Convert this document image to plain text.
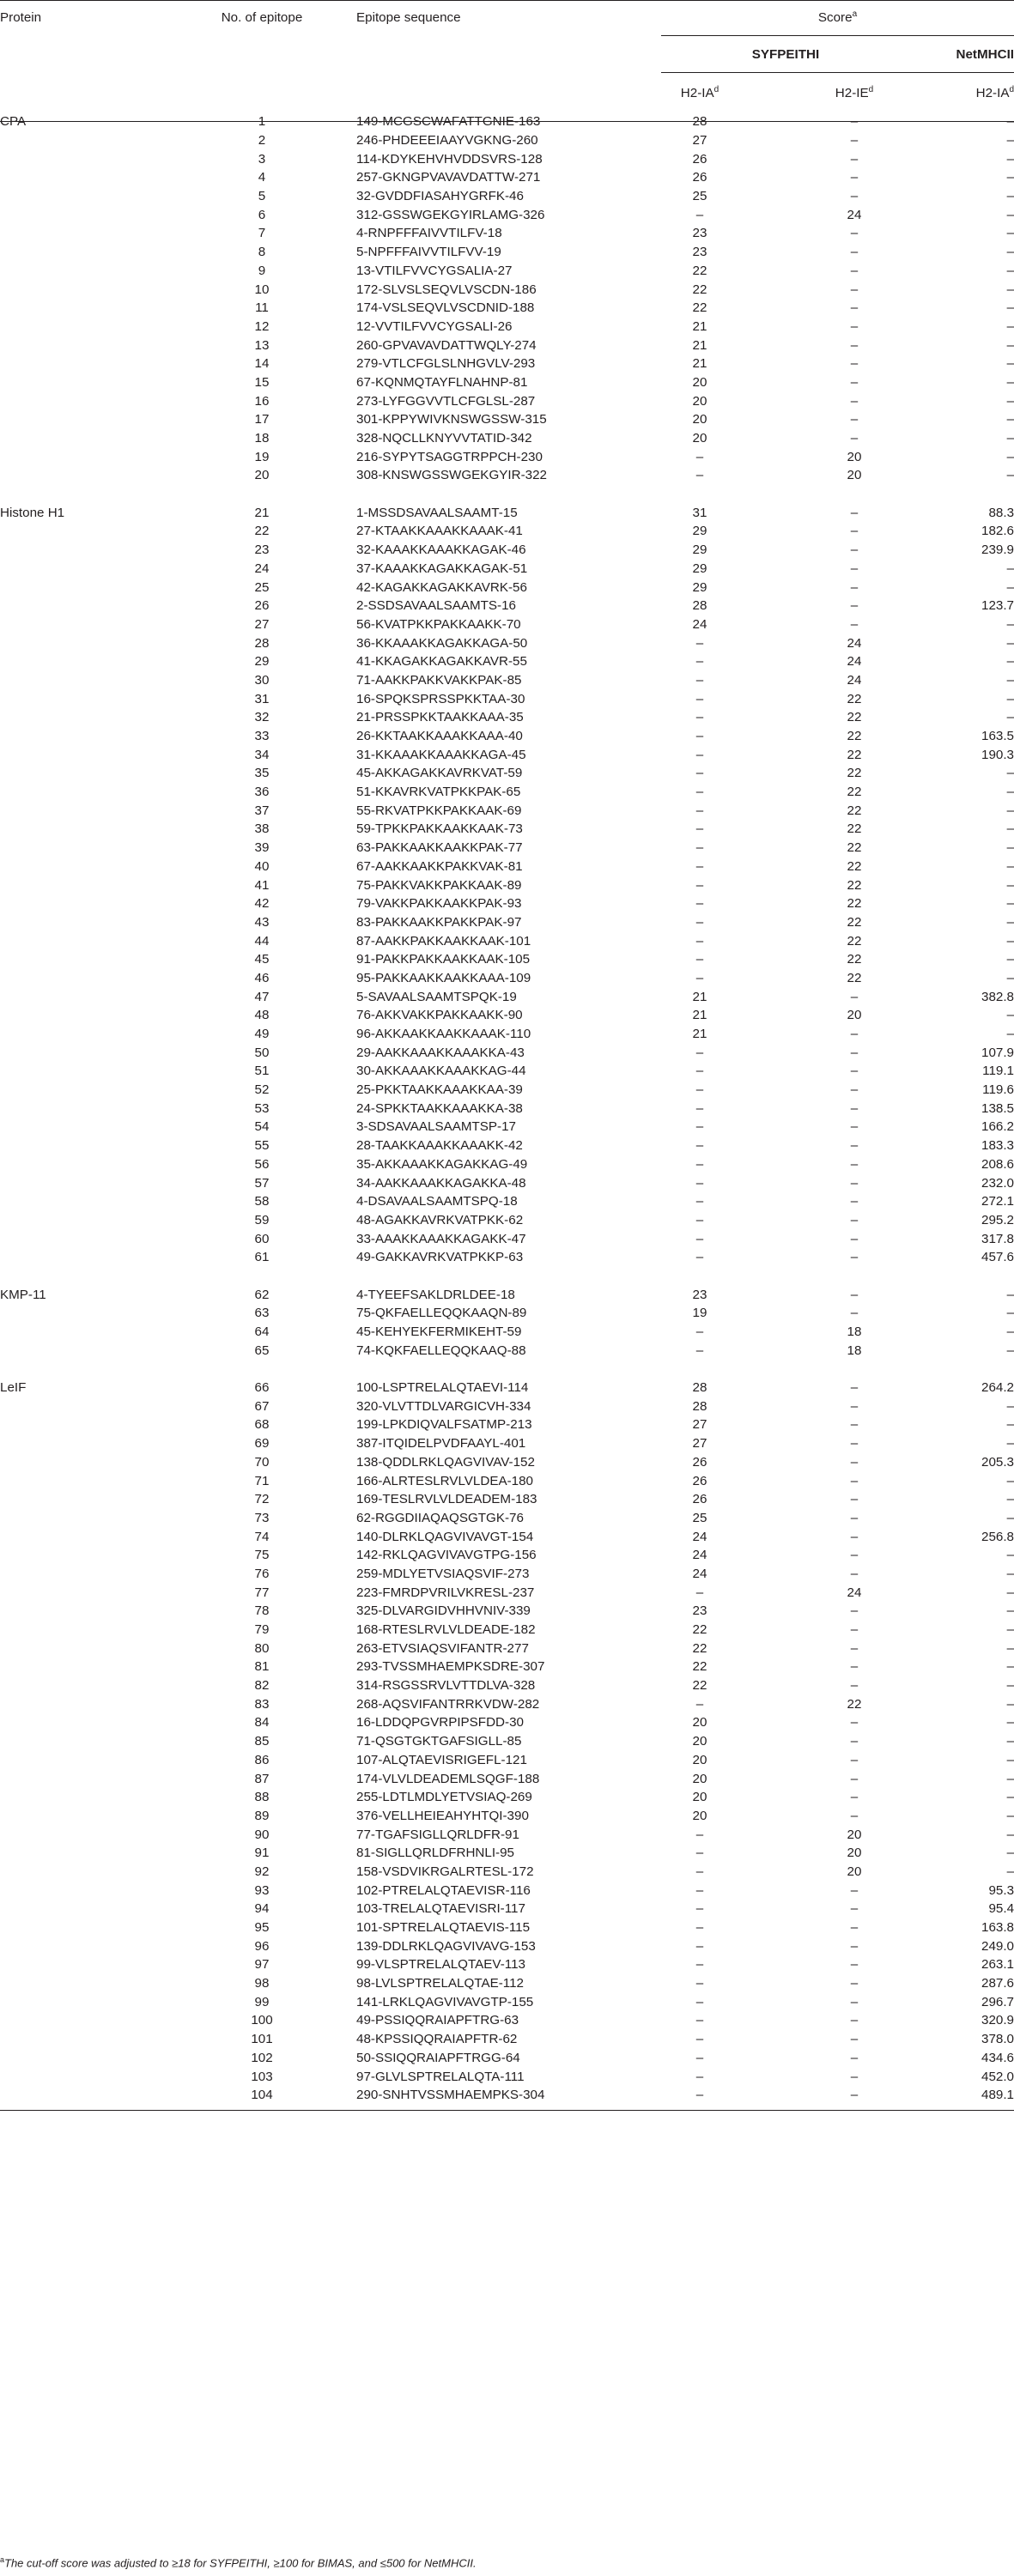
Protein	No. of epitope	Epitope sequence	Score$^a$
			SYFPEITHI		NetMHCII
			$H2-IA^d$	$H2-IE^d$	$H2-IA^d$
CPA	1	149-MCGSCWAFATTGNIE-163	28	–	–
	2	246-PHDEEEIAAYVGKNG-260	27	–	–
	3	114-KDYKEHVHVDDSVRS-128	26	–	–
	4	257-GKNGPVAVAVDATTW-271	26	–	–
	5	32-GVDDFIASAHYGRFK-46	25	–	–
	6	312-GSSWGEKGYIRLAMG-326	–	24	–
	7	4-RNPFFFAIVVTILFV-18	23	–	–
	8	5-NPFFFAIVVTILFVV-19	23	–	–
	9	13-VTILFVVCYGSALIA-27	22	–	–
	10	172-SLVSLSEQVLVSCDN-186	22	–	–
	11	174-VSLSEQVLVSCDNID-188	22	–	–
	12	12-VVTILFVVCYGSALI-26	21	–	–
	13	260-GPVAVAVDATTWQLY-274	21	–	–
	14	279-VTLCFGLSLNHGVLV-293	21	–	–
	15	67-KQNMQTAYFLNAHNP-81	20	–	–
	16	273-LYFGGVVTLCFGLSL-287	20	–	–
	17	301-KPPYWIVKNSWGSSW-315	20	–	–
	18	328-NQCLLKNYVVTATID-342	20	–	–
	19	216-SYPYTSAGGTRPPCH-230	–	20	–
	20	308-KNSWGSSWGEKGYIR-322	–	20	–

Histone H1	21	1-MSSDSAVAALSAAMT-15	31	–	88.3
	22	27-KTAAKKAAAKKAAAK-41	29	–	182.6
	23	32-KAAAKKAAAKKAGAK-46	29	–	239.9
	24	37-KAAAKKAGAKKAGAK-51	29	–	–
	25	42-KAGAKKAGAKKAVRK-56	29	–	–
	26	2-SSDSAVAALSAAMTS-16	28	–	123.7
	27	56-KVATPKKPAKKAAKK-70	24	–	–
	28	36-KKAAAKKAGAKKAGA-50	–	24	–
	29	41-KKAGAKKAGAKKAVR-55	–	24	–
	30	71-AAKKPAKKVAKKPAK-85	–	24	–
	31	16-SPQKSPRSSPKKTAA-30	–	22	–
	32	21-PRSSPKKTAAKKAAA-35	–	22	–
	33	26-KKTAAKKAAAKKAAA-40	–	22	163.5
	34	31-KKAAAKKAAAKKAGA-45	–	22	190.3
	35	45-AKKAGAKKAVRKVAT-59	–	22	–
	36	51-KKAVRKVATPKKPAK-65	–	22	–
	37	55-RKVATPKKPAKKAAK-69	–	22	–
	38	59-TPKKPAKKAAKKAAK-73	–	22	–
	39	63-PAKKAAKKAAKKPAK-77	–	22	–
	40	67-AAKKAAKKPAKKVAK-81	–	22	–
	41	75-PAKKVAKKPAKKAAK-89	–	22	–
	42	79-VAKKPAKKAAKKPAK-93	–	22	–
	43	83-PAKKAAKKPAKKPAK-97	–	22	–
	44	87-AAKKPAKKAAKKAAK-101	–	22	–
	45	91-PAKKPAKKAAKKAAK-105	–	22	–
	46	95-PAKKAAKKAAKKAAA-109	–	22	–
	47	5-SAVAALSAAMTSPQK-19	21	–	382.8
	48	76-AKKVAKKPAKKAAKK-90	21	20	–
	49	96-AKKAAKKAAKKAAAK-110	21	–	–
	50	29-AAKKAAAKKAAAKKA-43	–	–	107.9
	51	30-AKKAAAKKAAAKKAG-44	–	–	119.1
	52	25-PKKTAAKKAAAKKAA-39	–	–	119.6
	53	24-SPKKTAAKKAAAKKA-38	–	–	138.5
	54	3-SDSAVAALSAAMTSP-17	–	–	166.2
	55	28-TAAKKAAAKKAAAKK-42	–	–	183.3
	56	35-AKKAAAKKAGAKKAG-49	–	–	208.6
	57	34-AAKKAAAKKAGAKKA-48	–	–	232.0
	58	4-DSAVAALSAAMTSPQ-18	–	–	272.1
	59	48-AGAKKAVRKVATPKK-62	–	–	295.2
	60	33-AAAKKAAAKKAGAKK-47	–	–	317.8
	61	49-GAKKAVRKVATPKKP-63	–	–	457.6

KMP-11	62	4-TYEEFSAKLDRLDEE-18	23	–	–
	63	75-QKFAELLEQQKAAQN-89	19	–	–
	64	45-KEHYEKFERMIKEHT-59	–	18	–
	65	74-KQKFAELLEQQKAAQ-88	–	18	–

LeIF	66	100-LSPTRELALQTAEVI-114	28	–	264.2
	67	320-VLVTTDLVARGICVH-334	28	–	–
	68	199-LPKDIQVALFSATMP-213	27	–	–
	69	387-ITQIDELPVDFAAYL-401	27	–	–
	70	138-QDDLRKLQAGVIVAV-152	26	–	205.3
	71	166-ALRTESLRVLVLDEA-180	26	–	–
	72	169-TESLRVLVLDEADEM-183	26	–	–
	73	62-RGGDIIAQAQSGTGK-76	25	–	–
	74	140-DLRKLQAGVIVAVGT-154	24	–	256.8
	75	142-RKLQAGVIVAVGTPG-156	24	–	–
	76	259-MDLYETVSIAQSVIF-273	24	–	–
	77	223-FMRDPVRILVKRESL-237	–	24	–
	78	325-DLVARGIDVHHVNIV-339	23	–	–
	79	168-RTESLRVLVLDEADE-182	22	–	–
	80	263-ETVSIAQSVIFANTR-277	22	–	–
	81	293-TVSSMHAEMPKSDRE-307	22	–	–
	82	314-RSGSSRVLVTTDLVA-328	22	–	–
	83	268-AQSVIFANTRRKVDW-282	–	22	–
	84	16-LDDQPGVRPIPSFDD-30	20	–	–
	85	71-QSGTGKTGAFSIGLL-85	20	–	–
	86	107-ALQTAEVISRIGEFL-121	20	–	–
	87	174-VLVLDEADEMLSQGF-188	20	–	–
	88	255-LDTLMDLYETVSIAQ-269	20	–	–
	89	376-VELLHEIEAHYHTQI-390	20	–	–
	90	77-TGAFSIGLLQRLDFR-91	–	20	–
	91	81-SIGLLQRLDFRHNLI-95	–	20	–
	92	158-VSDVIKRGALRTESL-172	–	20	–
	93	102-PTRELALQTAEVISR-116	–	–	95.3
	94	103-TRELALQTAEVISRI-117	–	–	95.4
	95	101-SPTRELALQTAEVIS-115	–	–	163.8
	96	139-DDLRKLQAGVIVAVG-153	–	–	249.0
	97	99-VLSPTRELALQTAEV-113	–	–	263.1
	98	98-LVLSPTRELALQTAE-112	–	–	287.6
	99	141-LRKLQAGVIVAVGTP-155	–	–	296.7
	100	49-PSSIQQRAIAPFTRG-63	–	–	320.9
	101	48-KPSSIQQRAIAPFTR-62	–	–	378.0
	102	50-SSIQQRAIAPFTRGG-64	–	–	434.6
	103	97-GLVLSPTRELALQTA-111	–	–	452.0
	104	290-SNHTVSSMHAEMPKS-304	–	–	489.1
$^a$The cut-off score was adjusted to ≥18 for SYFPEITHI, ≥100 for BIMAS, and ≤500 for NetMHCII.
